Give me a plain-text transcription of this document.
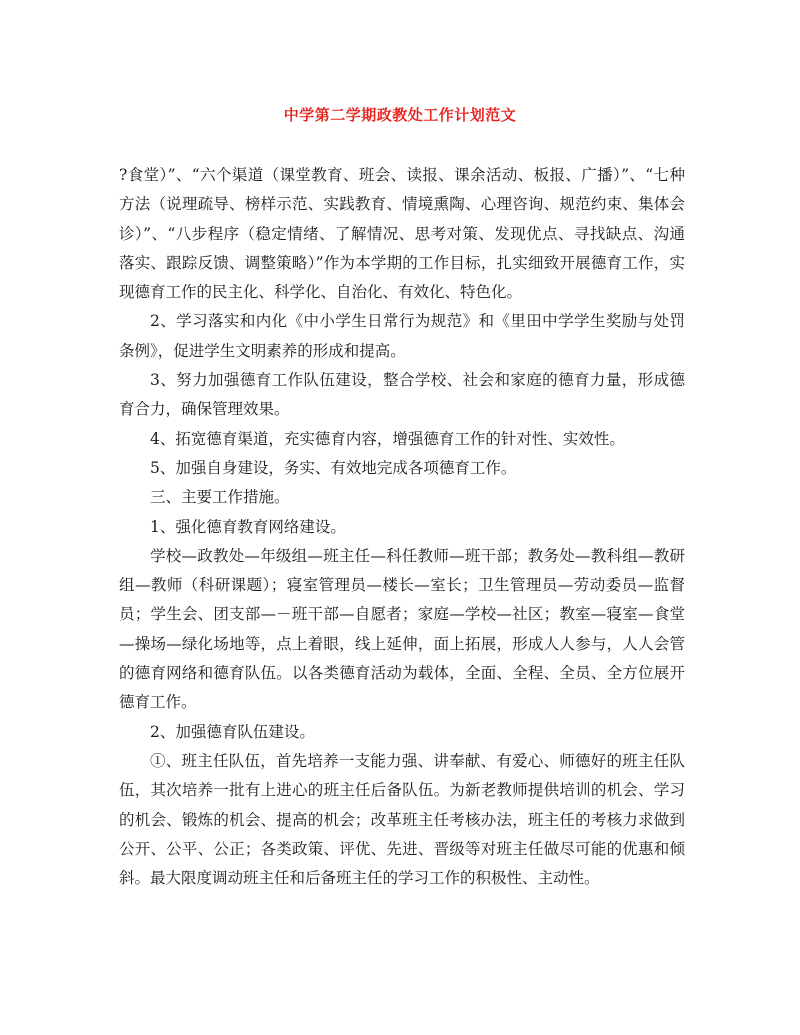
中学第二学期政教处工作计划范文

?食堂）”、“六个渠道（课堂教育、班会、读报、课余活动、板报、广播）”、“七种方法（说理疏导、榜样示范、实践教育、情境熏陶、心理咨询、规范约束、集体会诊）”、“八步程序（稳定情绪、了解情况、思考对策、发现优点、寻找缺点、沟通落实、跟踪反馈、调整策略）”作为本学期的工作目标，扎实细致开展德育工作，实现德育工作的民主化、科学化、自治化、有效化、特色化。

2、学习落实和内化《中小学生日常行为规范》和《里田中学学生奖励与处罚条例》，促进学生文明素养的形成和提高。

3、努力加强德育工作队伍建设，整合学校、社会和家庭的德育力量，形成德育合力，确保管理效果。

4、拓宽德育渠道，充实德育内容，增强德育工作的针对性、实效性。

5、加强自身建设，务实、有效地完成各项德育工作。

三、主要工作措施。

1、强化德育教育网络建设。

学校—政教处—年级组—班主任—科任教师—班干部；教务处—教科组—教研组—教师（科研课题）；寝室管理员—楼长—室长；卫生管理员—劳动委员—监督员；学生会、团支部—－班干部—自愿者；家庭—学校—社区；教室—寝室—食堂—操场—绿化场地等，点上着眼，线上延伸，面上拓展，形成人人参与，人人会管的德育网络和德育队伍。以各类德育活动为载体，全面、全程、全员、全方位展开德育工作。

2、加强德育队伍建设。

①、班主任队伍，首先培养一支能力强、讲奉献、有爱心、师德好的班主任队伍，其次培养一批有上进心的班主任后备队伍。为新老教师提供培训的机会、学习的机会、锻炼的机会、提高的机会；改革班主任考核办法，班主任的考核力求做到公开、公平、公正；各类政策、评优、先进、晋级等对班主任做尽可能的优惠和倾斜。最大限度调动班主任和后备班主任的学习工作的积极性、主动性。
